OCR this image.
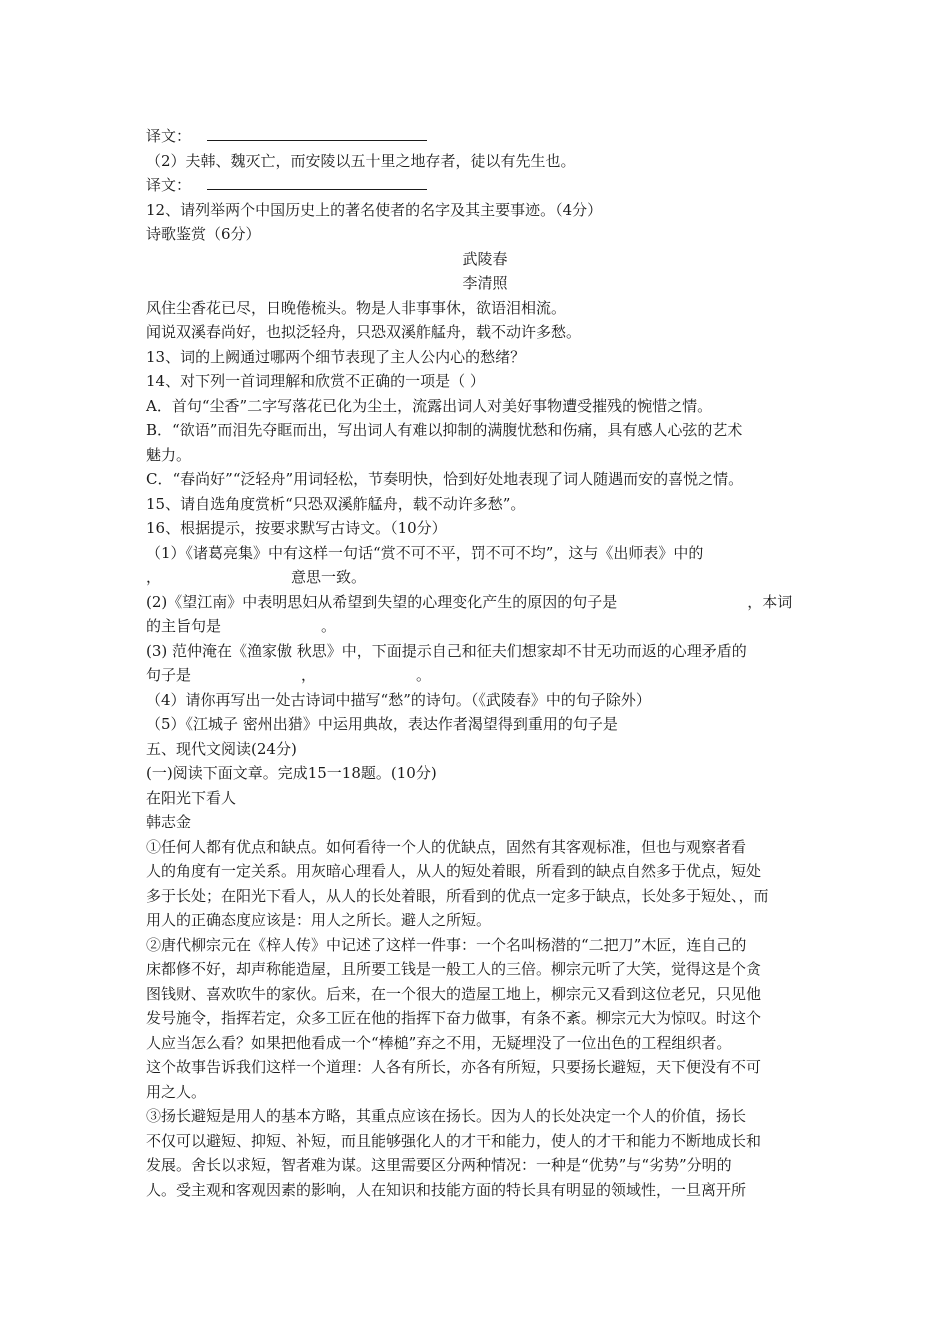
译文：
（2）夫韩、魏灭亡，而安陵以五十里之地存者，徒以有先生也。
译文：
12、请列举两个中国历史上的著名使者的名字及其主要事迹。（4分）
诗歌鉴赏（6分）
武陵春
李清照
风住尘香花已尽，日晚倦梳头。物是人非事事休，欲语泪相流。
闻说双溪春尚好，也拟泛轻舟，只恐双溪舴艋舟，载不动许多愁。
13、词的上阙通过哪两个细节表现了主人公内心的愁绪？
14、对下列一首词理解和欣赏不正确的一项是（ ）
A．首句“尘香”二字写落花已化为尘土，流露出词人对美好事物遭受摧残的惋惜之情。
B．“欲语”而泪先夺眶而出，写出词人有难以抑制的满腹忧愁和伤痛，具有感人心弦的艺术
魅力。
C．“春尚好”“泛轻舟”用词轻松，节奏明快，恰到好处地表现了词人随遇而安的喜悦之情。
15、请自选角度赏析“只恐双溪舴艋舟，载不动许多愁”。
16、根据提示，按要求默写古诗文。（10分）
（1）《诸葛亮集》中有这样一句话“赏不可不平，罚不可不均”，这与《出师表》中的
，	意思一致。
(2)《望江南》中表明思妇从希望到失望的心理变化产生的原因的句子是	，本词
的主旨句是	。
(3) 范仲淹在《渔家傲 秋思》中，下面提示自己和征夫们想家却不甘无功而返的心理矛盾的
句子是	，	。
（4）请你再写出一处古诗词中描写“愁”的诗句。（《武陵春》中的句子除外）
（5）《江城子 密州出猎》中运用典故，表达作者渴望得到重用的句子是
五、现代文阅读(24分)
(一)阅读下面文章。完成15一18题。(10分)
在阳光下看人
韩志金
①任何人都有优点和缺点。如何看待一个人的优缺点，固然有其客观标准，但也与观察者看
人的角度有一定关系。用灰暗心理看人，从人的短处着眼，所看到的缺点自然多于优点，短处
多于长处；在阳光下看人，从人的长处着眼，所看到的优点一定多于缺点，长处多于短处、，而
用人的正确态度应该是：用人之所长。避人之所短。
②唐代柳宗元在《梓人传》中记述了这样一件事：一个名叫杨潜的“二把刀”木匠，连自己的
床都修不好，却声称能造屋，且所要工钱是一般工人的三倍。柳宗元听了大笑，觉得这是个贪
图钱财、喜欢吹牛的家伙。后来，在一个很大的造屋工地上，柳宗元又看到这位老兄，只见他
发号施令，指挥若定，众多工匠在他的指挥下奋力做事，有条不紊。柳宗元大为惊叹。时这个
人应当怎么看？如果把他看成一个“棒槌”弃之不用，无疑埋没了一位出色的工程组织者。
这个故事告诉我们这样一个道理：人各有所长，亦各有所短，只要扬长避短，天下便没有不可
用之人。
③扬长避短是用人的基本方略，其重点应该在扬长。因为人的长处决定一个人的价值，扬长
不仅可以避短、抑短、补短，而且能够强化人的才干和能力，使人的才干和能力不断地成长和
发展。舍长以求短，智者难为谋。这里需要区分两种情况：一种是“优势”与“劣势”分明的
人。受主观和客观因素的影响，人在知识和技能方面的特长具有明显的领域性，一旦离开所
